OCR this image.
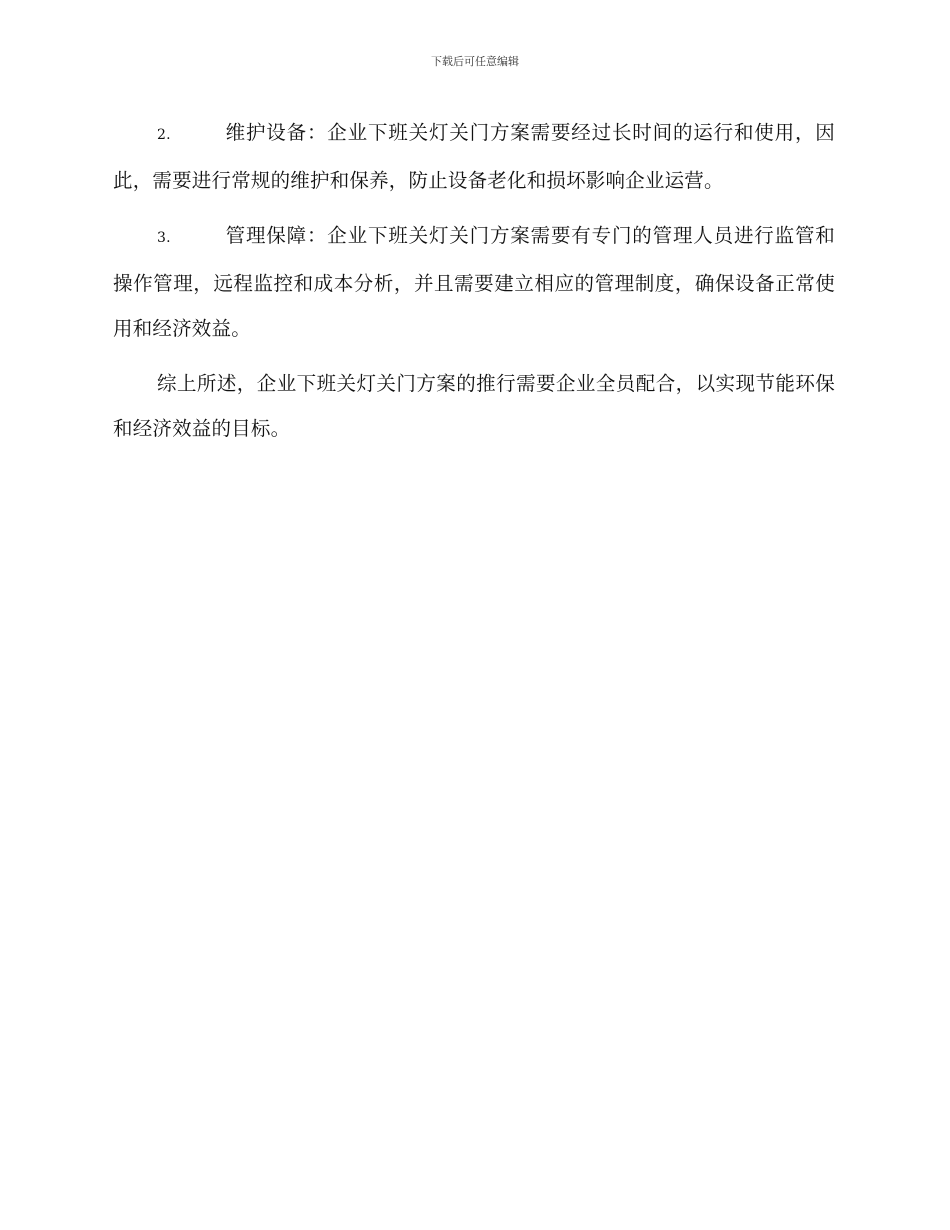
下载后可任意编辑

2.	维护设备：企业下班关灯关门方案需要经过长时间的运行和使用，因此，需要进行常规的维护和保养，防止设备老化和损坏影响企业运营。

3.	管理保障：企业下班关灯关门方案需要有专门的管理人员进行监管和操作管理，远程监控和成本分析，并且需要建立相应的管理制度，确保设备正常使用和经济效益。

综上所述，企业下班关灯关门方案的推行需要企业全员配合，以实现节能环保和经济效益的目标。
